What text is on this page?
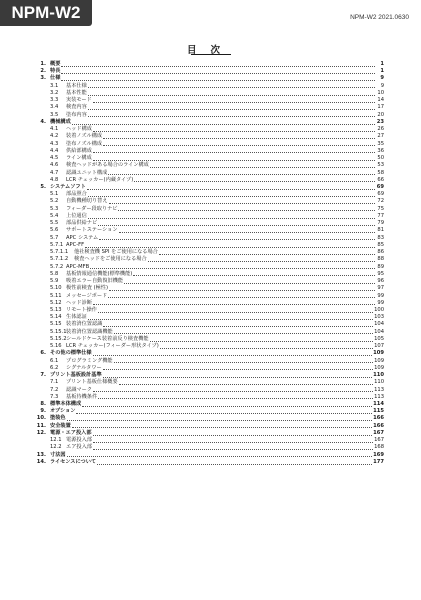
NPM-W2	NPM-W2 2021.0630
目次
1. 概要	1
2. 特長	1
3. 仕様	9
3.1	基本仕様	9
3.2	基本性能	10
3.3	実装モード	14
3.4	検査内容	17
3.5	塗布内容	20
4. 機械構成	23
4.1	ヘッド構成	26
4.2	装着ノズル構成	27
4.3	塗布ノズル構成	35
4.4	供給部構成	36
4.5	ライン構成	50
4.6	検査ヘッドがある場合のライン構成	53
4.7	認識ユニット構成	58
4.8	LCR チェッカー(内蔵タイプ)	66
5. システムソフト	69
5.1	部品照合	69
5.2	自動機種切り替え	72
5.3	フィーダー段取りナビ	75
5.4	上位通信	77
5.5	部品供給ナビ	79
5.6	サポートステーション	81
5.7	APC システム	83
5.7.1 APC-FF	85
5.7.1.1	他社検査機 SPI をご使用になる場合	86
5.7.1.2	検査ヘッドをご使用になる場合	88
5.7.2 APC-MFB	89
5.8	基板情報通信機能(標準機能)	95
5.9	吸着エラー自動復旧機能	96
5.10 极性前検査 (極性)	97
5.11 メッセージボード	99
5.12 ヘッド診断	99
5.13 リモート操作	100
5.14 生体認証	103
5.15 装着済位置認識	104
5.15.1 装着済位置認識機能	104
5.15.2 シールドケース装着前反り検査機能	105
5.16 LCR チェッカー(フィーダー形状タイプ)	107
6. その他の標準仕様	109
6.1	プログラミング機能	109
6.2	シグナルタワー	109
7. プリント基板設計基準	110
7.1	プリント基板仕様概要	110
7.2	認識マーク	113
7.3	基板待機条件	113
8. 標準本体構成	114
9. オプション	115
10. 塗装色	166
11. 安全装置	166
12. 電源・エア投入部	167
12.1 電源投入部	167
12.2 エア投入部	168
13. 寸法図	169
14. ライセンスについて	177
